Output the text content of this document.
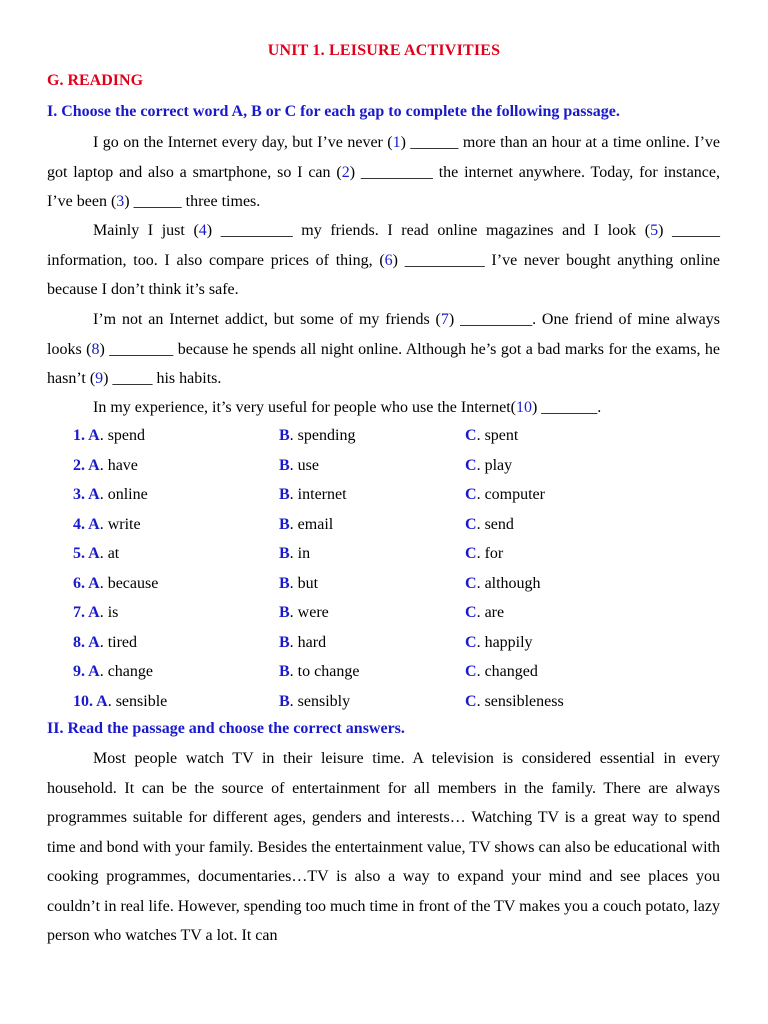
UNIT 1. LEISURE ACTIVITIES
G. READING
I. Choose the correct word A, B or C for each gap to complete the following passage.
I go on the Internet every day, but I’ve never (1) ______ more than an hour at a time online. I’ve got laptop and also a smartphone, so I can (2) _________ the internet anywhere. Today, for instance, I’ve been (3) ______ three times.
Mainly I just (4) _________ my friends. I read online magazines and I look (5) ______ information, too. I also compare prices of thing, (6) __________ I’ve never bought anything online because I don’t think it’s safe.
I’m not an Internet addict, but some of my friends (7) _________. One friend of mine always looks (8) ________ because he spends all night online. Although he’s got a bad marks for the exams, he hasn’t (9) _____ his habits.
In my experience, it’s very useful for people who use the Internet(10) _______.
1. A. spend	B. spending	C. spent
2. A. have	B. use	C. play
3. A. online	B. internet	C. computer
4. A. write	B. email	C. send
5. A. at	B. in	C. for
6. A. because	B. but	C. although
7. A. is	B. were	C. are
8. A. tired	B. hard	C. happily
9. A. change	B. to change	C. changed
10. A. sensible	B. sensibly	C. sensibleness
II. Read the passage and choose the correct answers.
Most people watch TV in their leisure time. A television is considered essential in every household. It can be the source of entertainment for all members in the family. There are always programmes suitable for different ages, genders and interests… Watching TV is a great way to spend time and bond with your family. Besides the entertainment value, TV shows can also be educational with cooking programmes, documentaries…TV is also a way to expand your mind and see places you couldn’t in real life. However, spending too much time in front of the TV makes you a couch potato, lazy person who watches TV a lot. It can
